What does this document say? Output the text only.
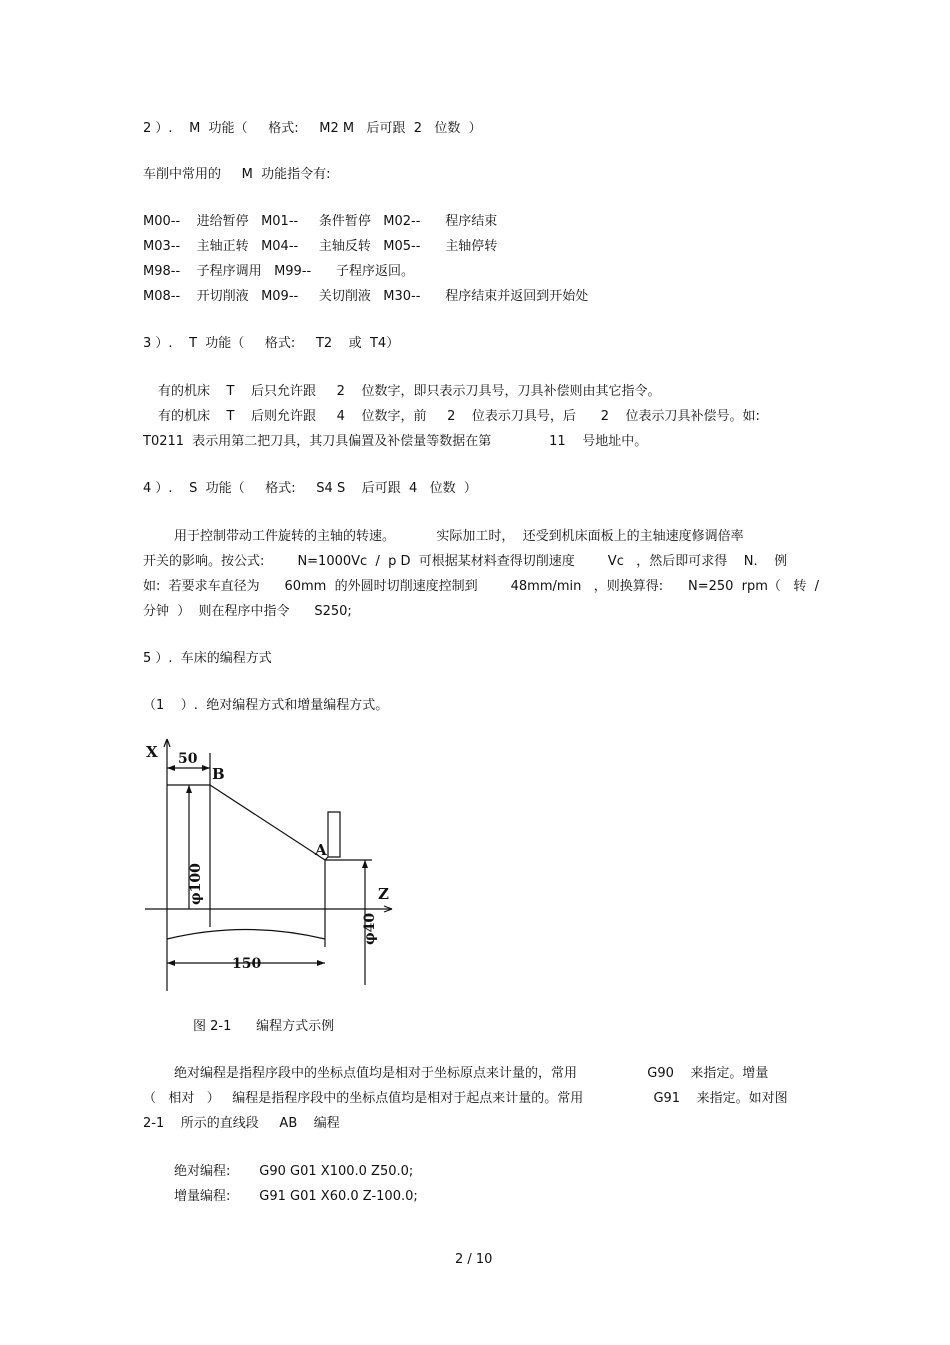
2 ）.    M  功能（     格式:     M2 M   后可跟  2   位数  ）
车削中常用的     M  功能指令有:
M00--    进给暂停   M01--     条件暂停   M02--      程序结束
M03--    主轴正转   M04--     主轴反转   M05--      主轴停转
M98--    子程序调用   M99--      子程序返回。
M08--    开切削液   M09--     关切削液   M30--      程序结束并返回到开始处
3 ）.    T  功能（     格式:     T2    或  T4）
有的机床    T    后只允许跟     2    位数字，即只表示刀具号，刀具补偿则由其它指令。
有的机床    T    后则允许跟     4    位数字，前     2    位表示刀具号，后      2    位表示刀具补偿号。如:
T0211  表示用第二把刀具，其刀具偏置及补偿量等数据在第              11    号地址中。
4 ）.    S  功能（     格式:     S4 S    后可跟  4   位数  ）
用于控制带动工件旋转的主轴的转速。          实际加工时，  还受到机床面板上的主轴速度修调倍率
开关的影响。按公式:        N=1000Vc  /  p D  可根据某材料查得切削速度        Vc   ，然后即可求得    N.    例
如:  若要求车直径为      60mm  的外圆时切削速度控制到        48mm/min   ，则换算得:      N=250  rpm（   转  /
分钟  ）  则在程序中指令      S250;
5 ）.  车床的编程方式
（1    ）.  绝对编程方式和增量编程方式。
X
Z
B
A
50
150
φ100
φ40
图 2-1      编程方式示例
绝对编程是指程序段中的坐标点值均是相对于坐标原点来计量的，常用                 G90    来指定。增量
（   相对   ）   编程是指程序段中的坐标点值均是相对于起点来计量的。常用                 G91    来指定。如对图
2-1    所示的直线段     AB    编程
绝对编程:       G90 G01 X100.0 Z50.0;
增量编程:       G91 G01 X60.0 Z-100.0;
2 / 10
